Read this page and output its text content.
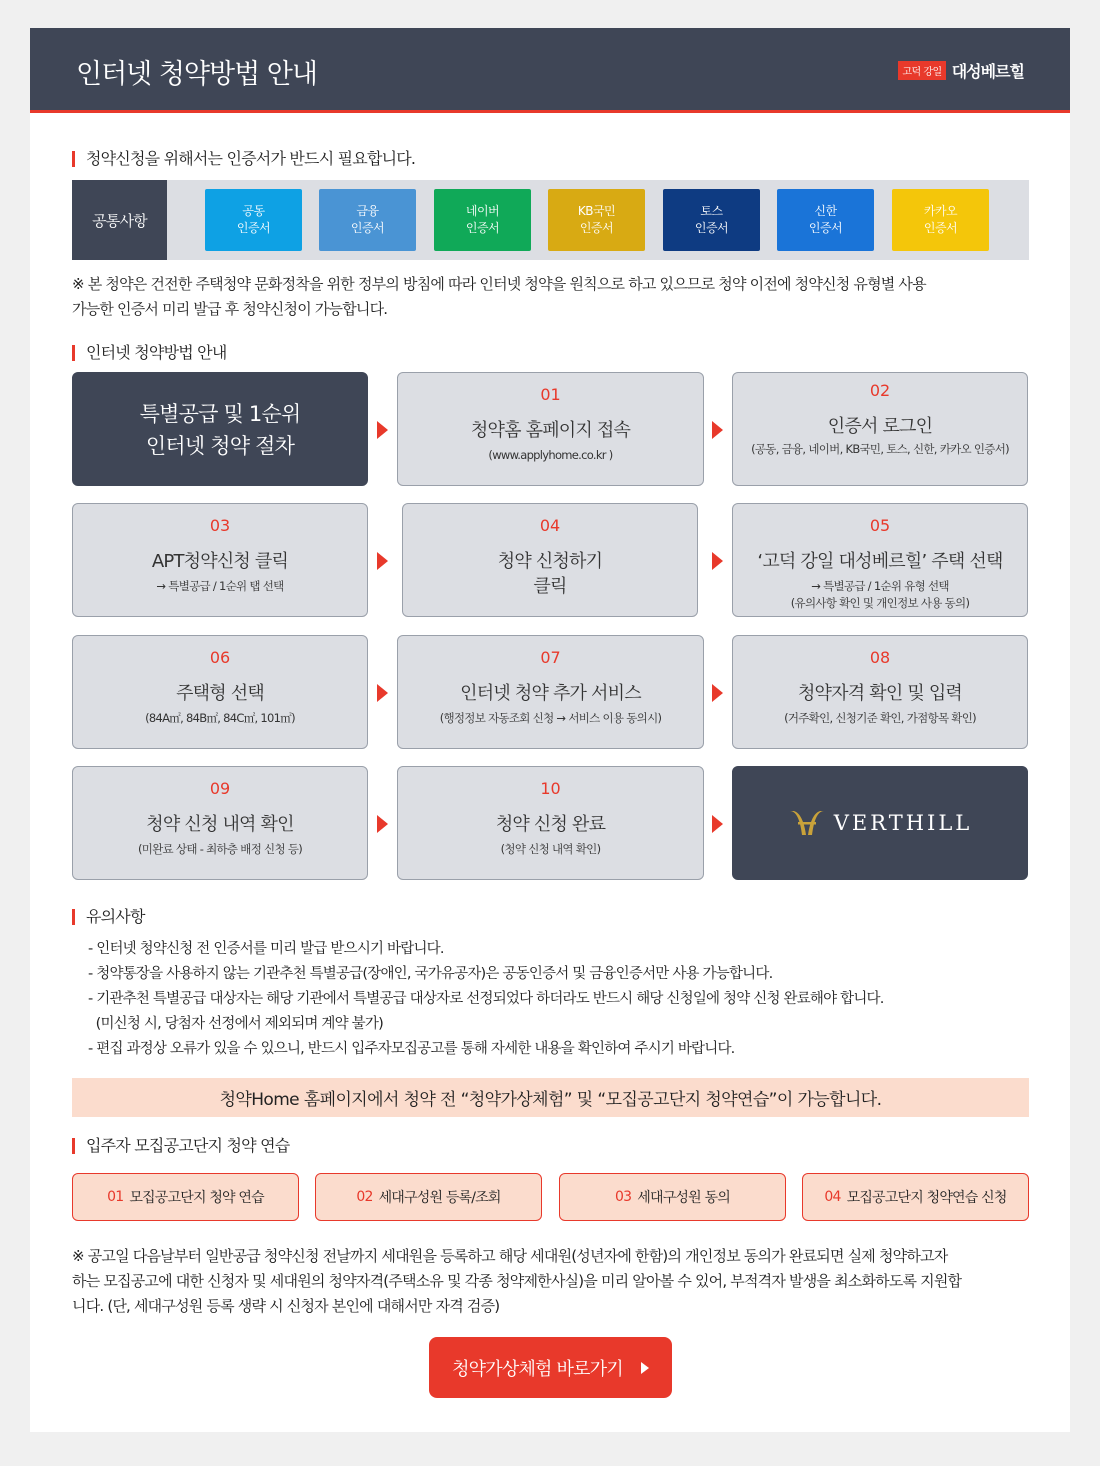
인터넷 청약방법 안내	고덕 강일 대성베르힐
청약신청을 위해서는 인증서가 반드시 필요합니다.
공통사항
공동
인증서
금융
인증서
네이버
인증서
KB국민
인증서
토스
인증서
신한
인증서
카카오
인증서
※ 본 청약은 건전한 주택청약 문화정착을 위한 정부의 방침에 따라 인터넷 청약을 원칙으로 하고 있으므로 청약 이전에 청약신청 유형별 사용
가능한 인증서 미리 발급 후 청약신청이 가능합니다.
인터넷 청약방법 안내
특별공급 및 1순위
인터넷 청약 절차
01
청약홈 홈페이지 접속
(www.applyhome.co.kr )
02
인증서 로그인
(공동, 금융, 네이버, KB국민, 토스, 신한, 카카오 인증서)
03
APT청약신청 클릭
→ 특별공급 / 1순위 탭 선택
04
청약 신청하기
클릭
05
‘고덕 강일 대성베르힐’ 주택 선택
→ 특별공급 / 1순위 유형 선택
(유의사항 확인 및 개인정보 사용 동의)
06
주택형 선택
(84A㎡, 84B㎡, 84C㎡, 101㎡)
07
인터넷 청약 추가 서비스
(행정정보 자동조회 신청 → 서비스 이용 동의시)
08
청약자격 확인 및 입력
(거주확인, 신청기준 확인, 가점항목 확인)
09
청약 신청 내역 확인
(미완료 상태 - 최하층 배정 신청 등)
10
청약 신청 완료
(청약 신청 내역 확인)
VERTHILL
유의사항
- 인터넷 청약신청 전 인증서를 미리 발급 받으시기 바랍니다.
- 청약통장을 사용하지 않는 기관추천 특별공급(장애인, 국가유공자)은 공동인증서 및 금융인증서만 사용 가능합니다.
- 기관추천 특별공급 대상자는 해당 기관에서 특별공급 대상자로 선정되었다 하더라도 반드시 해당 신청일에 청약 신청 완료해야 합니다.
(미신청 시, 당첨자 선정에서 제외되며 계약 불가)
- 편집 과정상 오류가 있을 수 있으니, 반드시 입주자모집공고를 통해 자세한 내용을 확인하여 주시기 바랍니다.
청약Home 홈페이지에서 청약 전 “청약가상체험” 및 “모집공고단지 청약연습”이 가능합니다.
입주자 모집공고단지 청약 연습
01 모집공고단지 청약 연습	02 세대구성원 등록/조회	03 세대구성원 동의	04 모집공고단지 청약연습 신청
※ 공고일 다음날부터 일반공급 청약신청 전날까지 세대원을 등록하고 해당 세대원(성년자에 한함)의 개인정보 동의가 완료되면 실제 청약하고자
하는 모집공고에 대한 신청자 및 세대원의 청약자격(주택소유 및 각종 청약제한사실)을 미리 알아볼 수 있어, 부적격자 발생을 최소화하도록 지원합
니다. (단, 세대구성원 등록 생략 시 신청자 본인에 대해서만 자격 검증)
청약가상체험 바로가기
